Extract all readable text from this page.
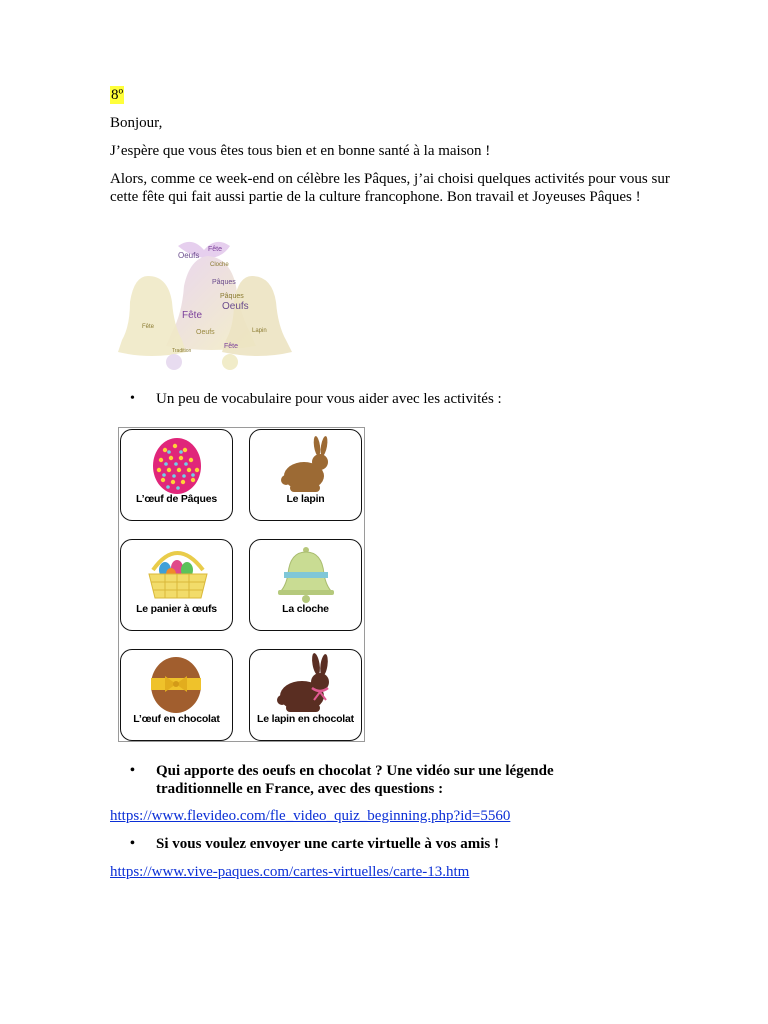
8º

Bonjour,

J’espère que vous êtes tous bien et en bonne santé à la maison !

Alors, comme ce week-end on célèbre les Pâques, j’ai choisi quelques activités pour vous sur cette fête qui fait aussi partie de la culture francophone. Bon travail et Joyeuses Pâques !

Fête
Oeufs
Cloche
Pâques
Oeufs
Fête
Fête
Pâques
Oeufs
Fête
Tradition
Lapin
•	Un peu de vocabulaire pour vous aider avec les activités :
L’œuf de Pâques	Le lapin
Le panier à œufs	La cloche
L’œuf en chocolat	Le lapin en chocolat
•	Qui apporte des oeufs en chocolat ? Une vidéo sur une légende traditionnelle en France, avec des questions :
https://www.flevideo.com/fle_video_quiz_beginning.php?id=5560
•	Si vous voulez envoyer une carte virtuelle à vos amis !
https://www.vive-paques.com/cartes-virtuelles/carte-13.htm
